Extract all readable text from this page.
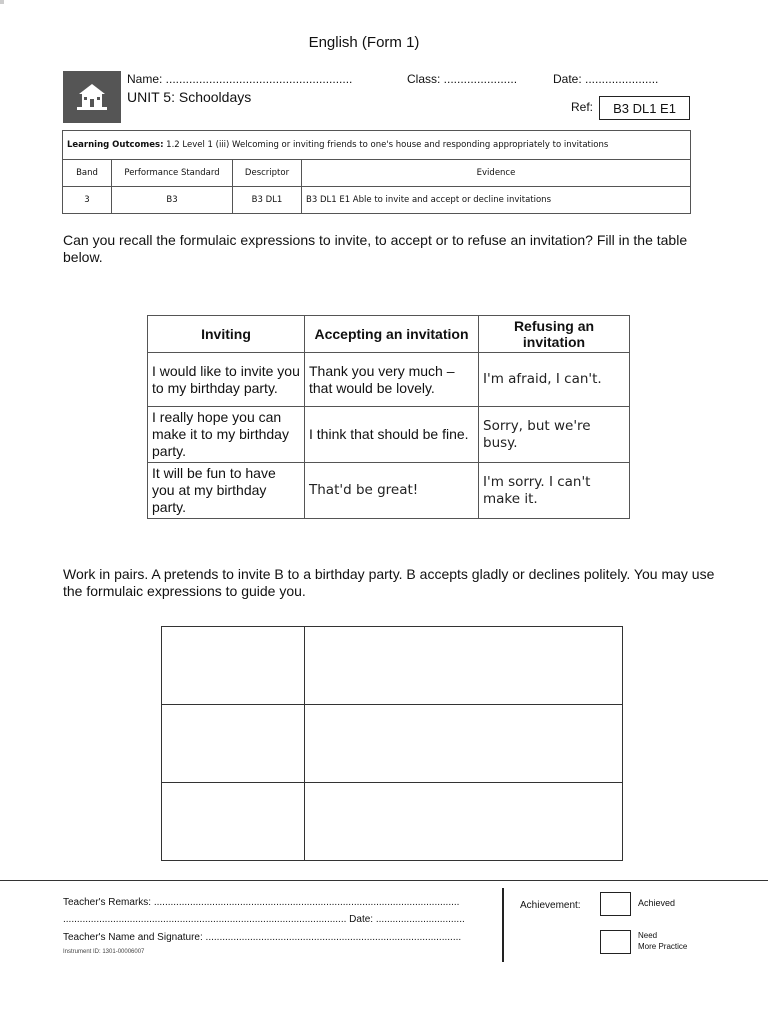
English (Form 1)
Name: ........................................................	Class: ......................	Date: ......................
UNIT 5: Schooldays
Ref:	B3 DL1 E1
Learning Outcomes: 1.2 Level 1 (iii) Welcoming or inviting friends to one's house and responding appropriately to invitations			
Band	Performance Standard	Descriptor	Evidence
3	B3	B3 DL1	B3 DL1 E1 Able to invite and accept or decline invitations
Can you recall the formulaic expressions to invite, to accept or to refuse an invitation? Fill in the table below.
Inviting	Accepting an invitation	Refusing an invitation
I would like to invite you to my birthday party.	Thank you very much – that would be lovely.	I'm afraid, I can't.
I really hope you can make it to my birthday party.	I think that should be fine.	Sorry, but we're busy.
It will be fun to have you at my birthday party.	That'd be great!	I'm sorry. I can't make it.
Work in pairs. A pretends to invite B to a birthday party. B accepts gladly or declines politely. You may use the formulaic expressions to guide you.

Teacher's Remarks: ..............................................................................................................
...................................................................................................... Date: ................................
Teacher's Name and Signature: ............................................................................................
Instrument ID: 1301-00006007
Achievement:	Achieved
Need
More Practice
